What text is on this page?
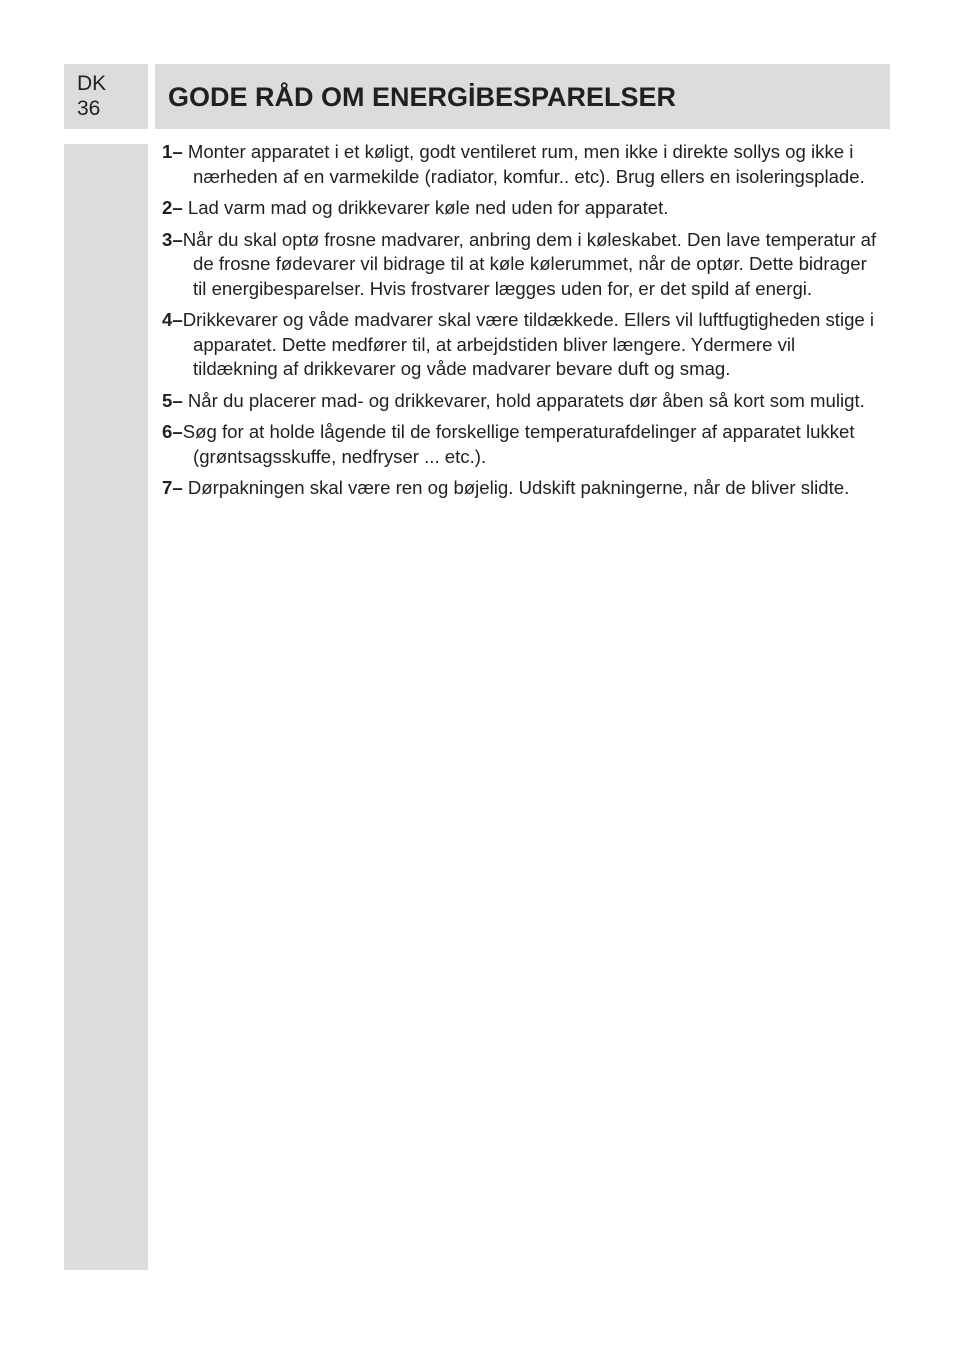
DK
36	GODE RÅD OM ENERGİBESPARELSER

1– Monter apparatet i et køligt, godt ventileret rum, men ikke i direkte sollys og ikke i nærheden af en varmekilde (radiator, komfur.. etc). Brug ellers en isoleringsplade.

2– Lad varm mad og drikkevarer køle ned uden for apparatet.

3–Når du skal optø frosne madvarer, anbring dem i køleskabet. Den lave temperatur af de frosne fødevarer vil bidrage til at køle kølerummet, når de optør. Dette bidrager til energibesparelser. Hvis frostvarer lægges uden for, er det spild af energi.

4–Drikkevarer og våde madvarer skal være tildækkede. Ellers vil luftfugtigheden stige i apparatet. Dette medfører til, at arbejdstiden bliver længere. Ydermere vil tildækning af drikkevarer og våde madvarer bevare duft og smag.

5– Når du placerer mad- og drikkevarer, hold apparatets dør åben så kort som muligt.

6–Søg for at holde lågende til de forskellige temperaturafdelinger af apparatet lukket (grøntsagsskuffe, nedfryser ... etc.).

7– Dørpakningen skal være ren og bøjelig. Udskift pakningerne, når de bliver slidte.
